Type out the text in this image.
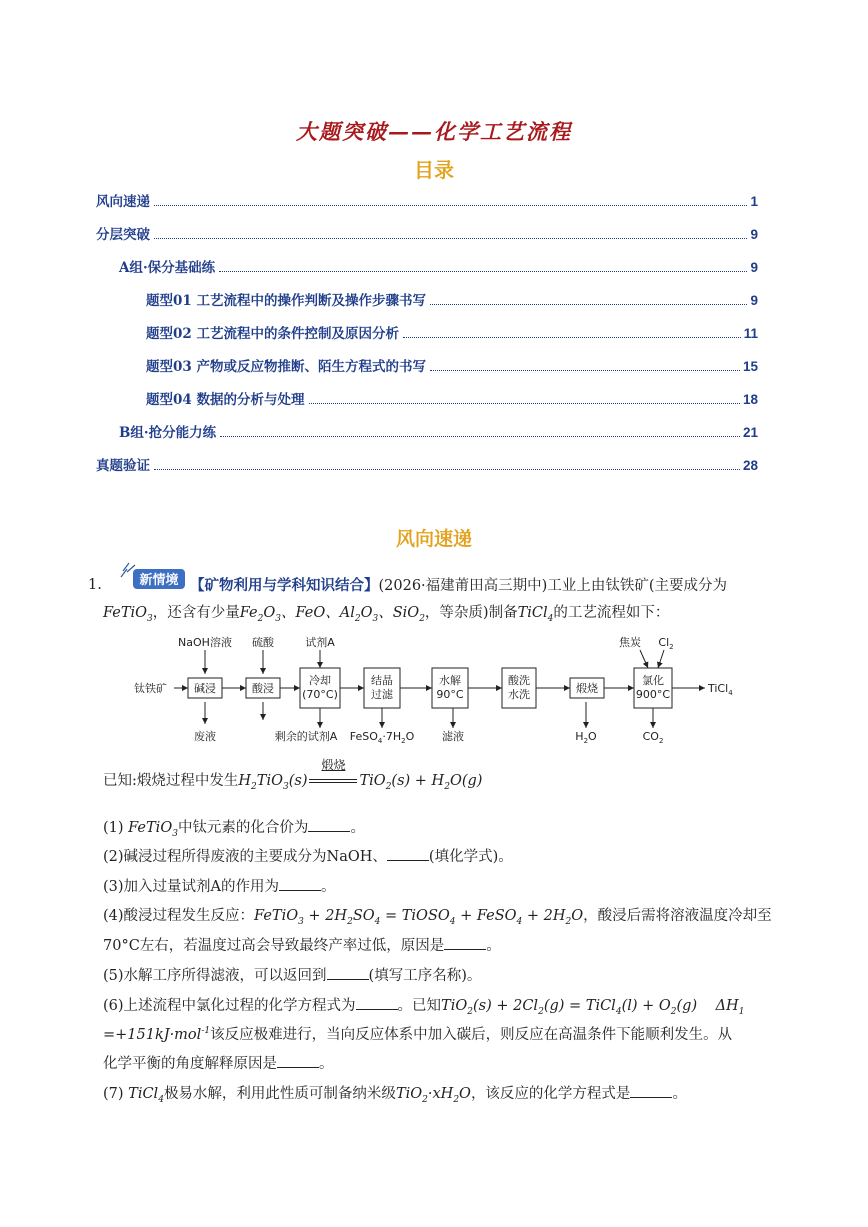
大题突破——化学工艺流程
目录
风向速递	1
分层突破	9
A组·保分基础练	9
题型01 工艺流程中的操作判断及操作步骤书写	9
题型02 工艺流程中的条件控制及原因分析	11
题型03 产物或反应物推断、陌生方程式的书写	15
题型04 数据的分析与处理	18
B组·抢分能力练	21
真题验证	28
风向速递
1.	新情境 【矿物利用与学科知识结合】(2026·福建莆田高三期中)工业上由钛铁矿(主要成分为
FeTiO$_3$，还含有少量$Fe_2O_3$、FeO、$Al_2O_3$、SiO$_2$，等杂质)制备TiCl$_4$的工艺流程如下：
钛铁矿 碱浸	酸浸
冷却(70°C)
结晶过滤
水解 90°C
酸洗水洗	煅烧
氯化 900°C
NaOH溶液 硫酸	试剂A	焦炭 $Cl_2$
废液	剩余的试剂A $FeSO_4\cdot 7H_2O$	滤液	$H_2O$	$CO_2$
TiCl$_4$
已知:煅烧过程中发生$H_2TiO_3(s)$
煅烧
$TiO_2(s) + H_2O(g)$
(1) FeTiO$_3$中钛元素的化合价为	。
(2)碱浸过程所得废液的主要成分为NaOH、	(填化学式)。
(3)加入过量试剂A的作用为	。
(4)酸浸过程发生反应：FeTiO$_3$ + $2H_2SO_4$ = TiOSO$_4$ + FeSO$_4$ + $2H_2O$，酸浸后需将溶液温度冷却至
70°C左右，若温度过高会导致最终产率过低，原因是	。
(5)水解工序所得滤液，可以返回到	(填写工序名称)。
(6)上述流程中氯化过程的化学方程式为	。已知$TiO_2(s) + 2Cl_2(g)$ = TiCl$_4$(l) + $O_2(g)$ $\Delta H_1$
=+151kJ·mol$^{-1}$该反应极难进行，当向反应体系中加入碳后，则反应在高温条件下能顺利发生。从
化学平衡的角度解释原因是	。
(7) TiCl$_4$极易水解，利用此性质可制备纳米级$TiO_2\cdot xH_2O$，该反应的化学方程式是	。
